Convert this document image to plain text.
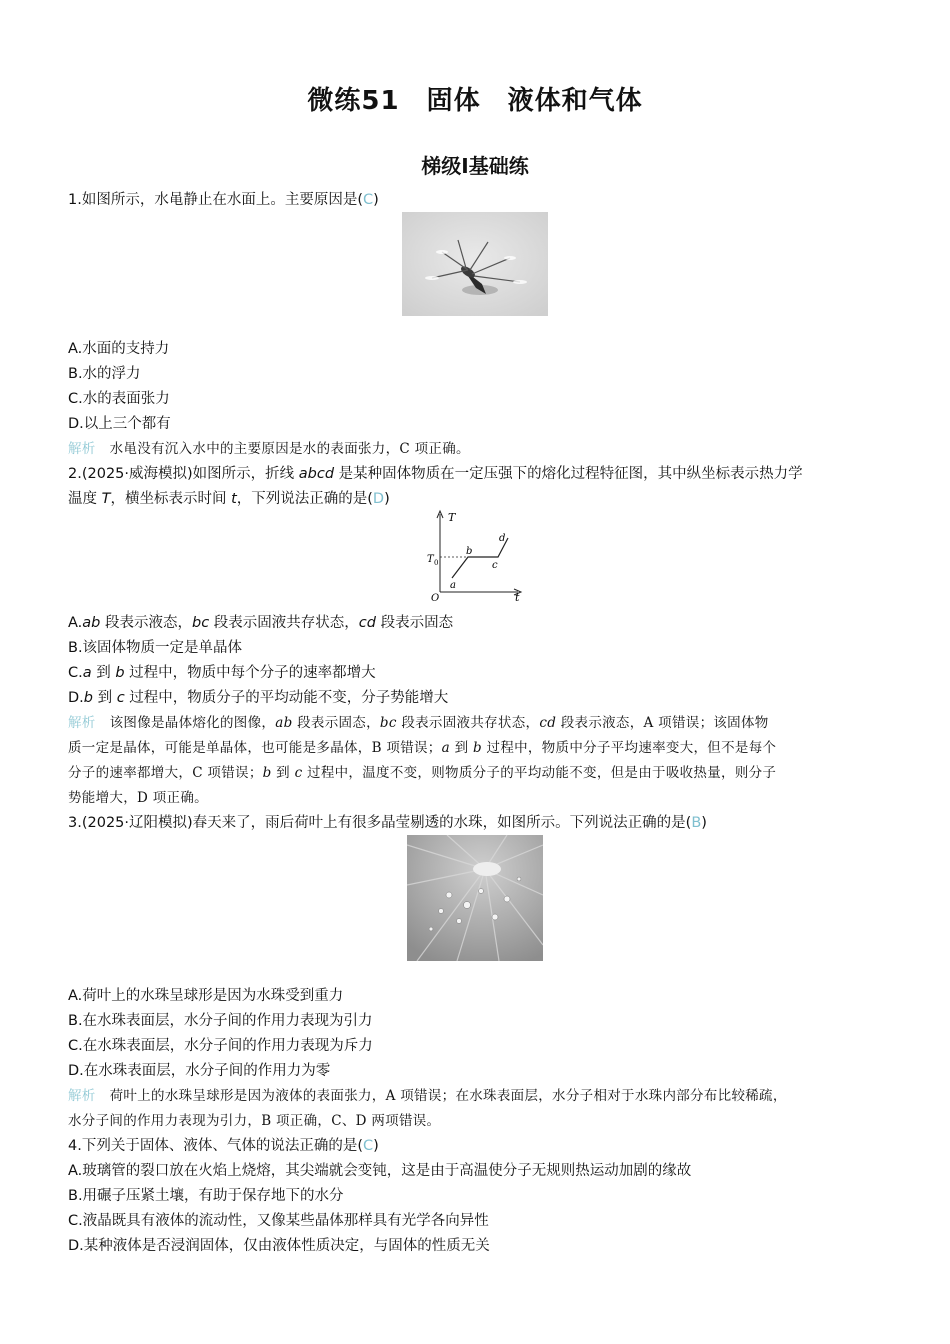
微练51　固体　液体和气体
梯级Ⅰ基础练
1.如图所示，水黾静止在水面上。主要原因是(C)
A.水面的支持力
B.水的浮力
C.水的表面张力
D.以上三个都有
解析 水黾没有沉入水中的主要原因是水的表面张力，C 项正确。
2.(2025·威海模拟)如图所示，折线 abcd 是某种固体物质在一定压强下的熔化过程特征图，其中纵坐标表示热力学
温度 T，横坐标表示时间 t，下列说法正确的是(D)
T
t
O
T 0
a
b
c
d
A.ab 段表示液态，bc 段表示固液共存状态，cd 段表示固态
B.该固体物质一定是单晶体
C.a 到 b 过程中，物质中每个分子的速率都增大
D.b 到 c 过程中，物质分子的平均动能不变，分子势能增大
解析 该图像是晶体熔化的图像，ab 段表示固态，bc 段表示固液共存状态，cd 段表示液态，A 项错误；该固体物
质一定是晶体，可能是单晶体，也可能是多晶体，B 项错误；a 到 b 过程中，物质中分子平均速率变大，但不是每个
分子的速率都增大，C 项错误；b 到 c 过程中，温度不变，则物质分子的平均动能不变，但是由于吸收热量，则分子
势能增大，D 项正确。
3.(2025·辽阳模拟)春天来了，雨后荷叶上有很多晶莹剔透的水珠，如图所示。下列说法正确的是(B)
A.荷叶上的水珠呈球形是因为水珠受到重力
B.在水珠表面层，水分子间的作用力表现为引力
C.在水珠表面层，水分子间的作用力表现为斥力
D.在水珠表面层，水分子间的作用力为零
解析 荷叶上的水珠呈球形是因为液体的表面张力，A 项错误；在水珠表面层，水分子相对于水珠内部分布比较稀疏，
水分子间的作用力表现为引力，B 项正确，C、D 两项错误。
4.下列关于固体、液体、气体的说法正确的是(C)
A.玻璃管的裂口放在火焰上烧熔，其尖端就会变钝，这是由于高温使分子无规则热运动加剧的缘故
B.用碾子压紧土壤，有助于保存地下的水分
C.液晶既具有液体的流动性，又像某些晶体那样具有光学各向异性
D.某种液体是否浸润固体，仅由液体性质决定，与固体的性质无关
